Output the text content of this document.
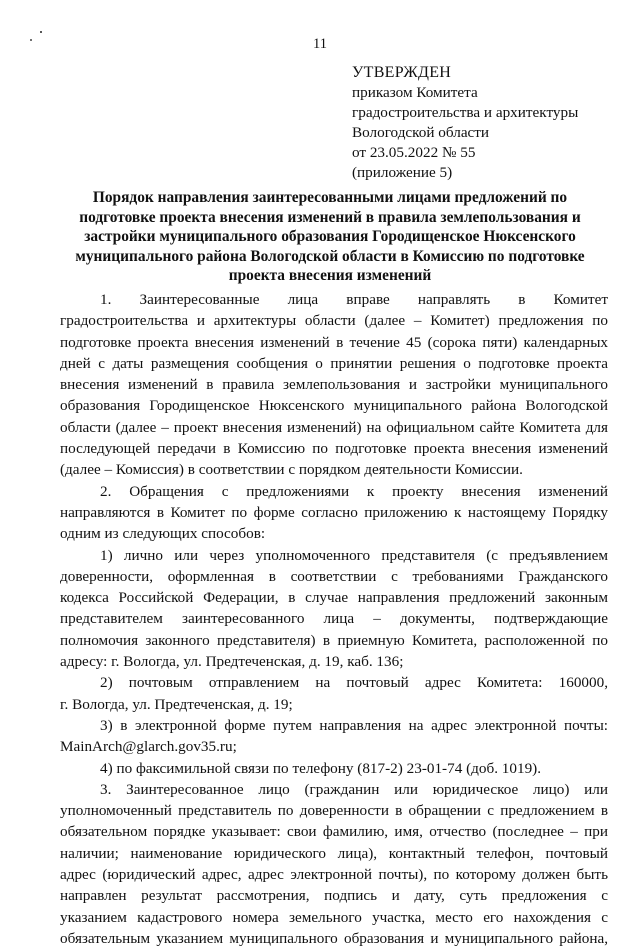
11
УТВЕРЖДЕН
приказом Комитета
градостроительства и архитектуры
Вологодской области
от 23.05.2022 № 55
(приложение 5)
Порядок направления заинтересованными лицами предложений по
подготовке проекта внесения изменений в правила землепользования и
застройки муниципального образования Городищенское Нюксенского
муниципального района Вологодской области в Комиссию по подготовке
проекта внесения изменений
1. Заинтересованные лица вправе направлять в Комитет
градостроительства и архитектуры области (далее – Комитет) предложения по
подготовке проекта внесения изменений в течение 45 (сорока пяти) календарных
дней с даты размещения сообщения о принятии решения о подготовке проекта
внесения изменений в правила землепользования и застройки муниципального
образования Городищенское Нюксенского муниципального района Вологодской
области (далее – проект внесения изменений) на официальном сайте Комитета для
последующей передачи в Комиссию по подготовке проекта внесения изменений
(далее – Комиссия) в соответствии с порядком деятельности Комиссии.
2. Обращения с предложениями к проекту внесения изменений
направляются в Комитет по форме согласно приложению к настоящему Порядку
одним из следующих способов:
1) лично или через уполномоченного представителя (с предъявлением
доверенности, оформленная в соответствии с требованиями Гражданского
кодекса Российской Федерации, в случае направления предложений законным
представителем заинтересованного лица – документы, подтверждающие
полномочия законного представителя) в приемную Комитета, расположенной по
адресу: г. Вологда, ул. Предтеченская, д. 19, каб. 136;
2) почтовым отправлением на почтовый адрес Комитета: 160000,
г. Вологда, ул. Предтеченская, д. 19;
3) в электронной форме путем направления на адрес электронной почты:
MainArch@glarch.gov35.ru;
4) по факсимильной связи по телефону (817-2) 23-01-74 (доб. 1019).
3. Заинтересованное лицо (гражданин или юридическое лицо) или
уполномоченный представитель по доверенности в обращении с предложением в
обязательном порядке указывает: свои фамилию, имя, отчество (последнее – при
наличии; наименование юридического лица), контактный телефон, почтовый
адрес (юридический адрес, адрес электронной почты), по которому должен быть
направлен результат рассмотрения, подпись и дату, суть предложения с
указанием кадастрового номера земельного участка, место его нахождения с
обязательным указанием муниципального образования и муниципального района,
